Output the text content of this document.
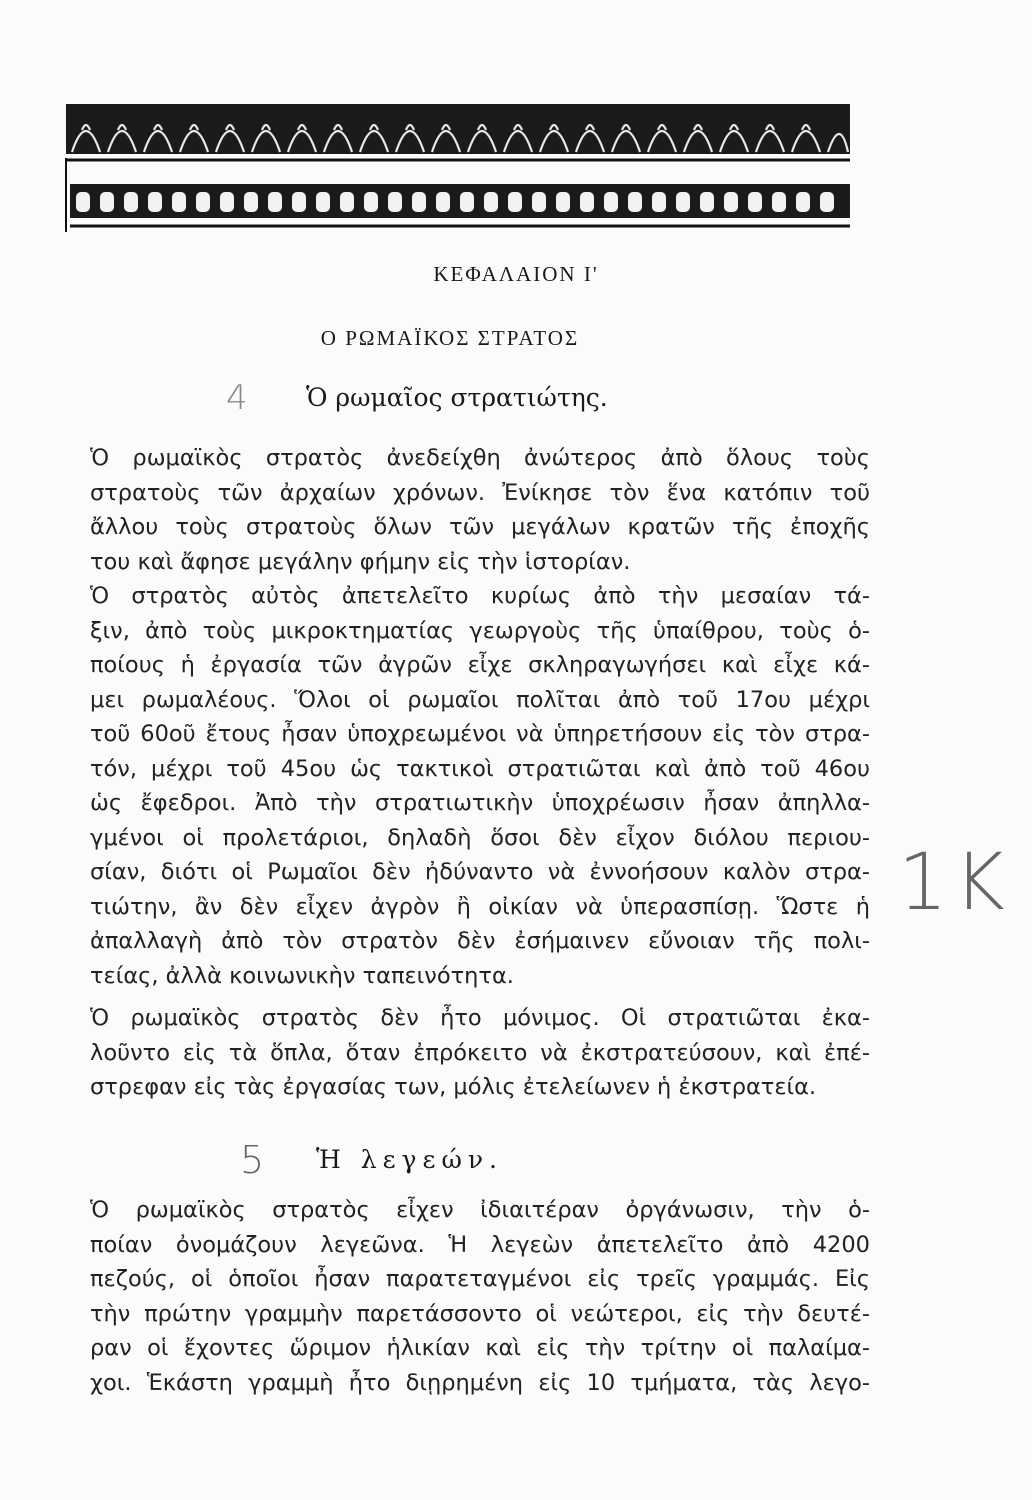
ΚΕΦΑΛΑΙΟΝ Ι'
Ο ΡΩΜΑΪΚΟΣ ΣΤΡΑΤΟΣ
4 Ὁ ρωμαῖος στρατιώτης.
Ὁ ρωμαϊκὸς στρατὸς ἀνεδείχθη ἀνώτερος ἀπὸ ὅλους τοὺς
στρατοὺς τῶν ἀρχαίων χρόνων. Ἐνίκησε τὸν ἕνα κατόπιν τοῦ
ἄλλου τοὺς στρατοὺς ὅλων τῶν μεγάλων κρατῶν τῆς ἐποχῆς
του καὶ ἄφησε μεγάλην φήμην εἰς τὴν ἱστορίαν.
Ὁ στρατὸς αὐτὸς ἀπετελεῖτο κυρίως ἀπὸ τὴν μεσαίαν τά-
ξιν, ἀπὸ τοὺς μικροκτηματίας γεωργοὺς τῆς ὑπαίθρου, τοὺς ὁ-
ποίους ἡ ἐργασία τῶν ἀγρῶν εἶχε σκληραγωγήσει καὶ εἶχε κά-
μει ρωμαλέους. Ὅλοι οἱ ρωμαῖοι πολῖται ἀπὸ τοῦ 17ου μέχρι
τοῦ 60οῦ ἔτους ἦσαν ὑποχρεωμένοι νὰ ὑπηρετήσουν εἰς τὸν στρα-
τόν, μέχρι τοῦ 45ου ὡς τακτικοὶ στρατιῶται καὶ ἀπὸ τοῦ 46ου
ὡς ἔφεδροι. Ἀπὸ τὴν στρατιωτικὴν ὑποχρέωσιν ἦσαν ἀπηλλα-
γμένοι οἱ προλετάριοι, δηλαδὴ ὅσοι δὲν εἶχον διόλου περιου-
σίαν, διότι οἱ Ρωμαῖοι δὲν ἠδύναντο νὰ ἐννοήσουν καλὸν στρα-
τιώτην, ἂν δὲν εἶχεν ἀγρὸν ἢ οἰκίαν νὰ ὑπερασπίσῃ. Ὥστε ἡ
ἀπαλλαγὴ ἀπὸ τὸν στρατὸν δὲν ἐσήμαινεν εὔνοιαν τῆς πολι-
τείας, ἀλλὰ κοινωνικὴν ταπεινότητα.
1K
Ὁ ρωμαϊκὸς στρατὸς δὲν ἦτο μόνιμος. Οἱ στρατιῶται ἐκα-
λοῦντο εἰς τὰ ὅπλα, ὅταν ἐπρόκειτο νὰ ἐκστρατεύσουν, καὶ ἐπέ-
στρεφαν εἰς τὰς ἐργασίας των, μόλις ἐτελείωνεν ἡ ἐκστρατεία.
5 Ἡ λεγεών.
Ὁ ρωμαϊκὸς στρατὸς εἶχεν ἰδιαιτέραν ὀργάνωσιν, τὴν ὁ-
ποίαν ὀνομάζουν λεγεῶνα. Ἡ λεγεὼν ἀπετελεῖτο ἀπὸ 4200
πεζούς, οἱ ὁποῖοι ἦσαν παρατεταγμένοι εἰς τρεῖς γραμμάς. Εἰς
τὴν πρώτην γραμμὴν παρετάσσοντο οἱ νεώτεροι, εἰς τὴν δευτέ-
ραν οἱ ἔχοντες ὥριμον ἡλικίαν καὶ εἰς τὴν τρίτην οἱ παλαίμα-
χοι. Ἑκάστη γραμμὴ ἦτο διῃρημένη εἰς 10 τμήματα, τὰς λεγο-
